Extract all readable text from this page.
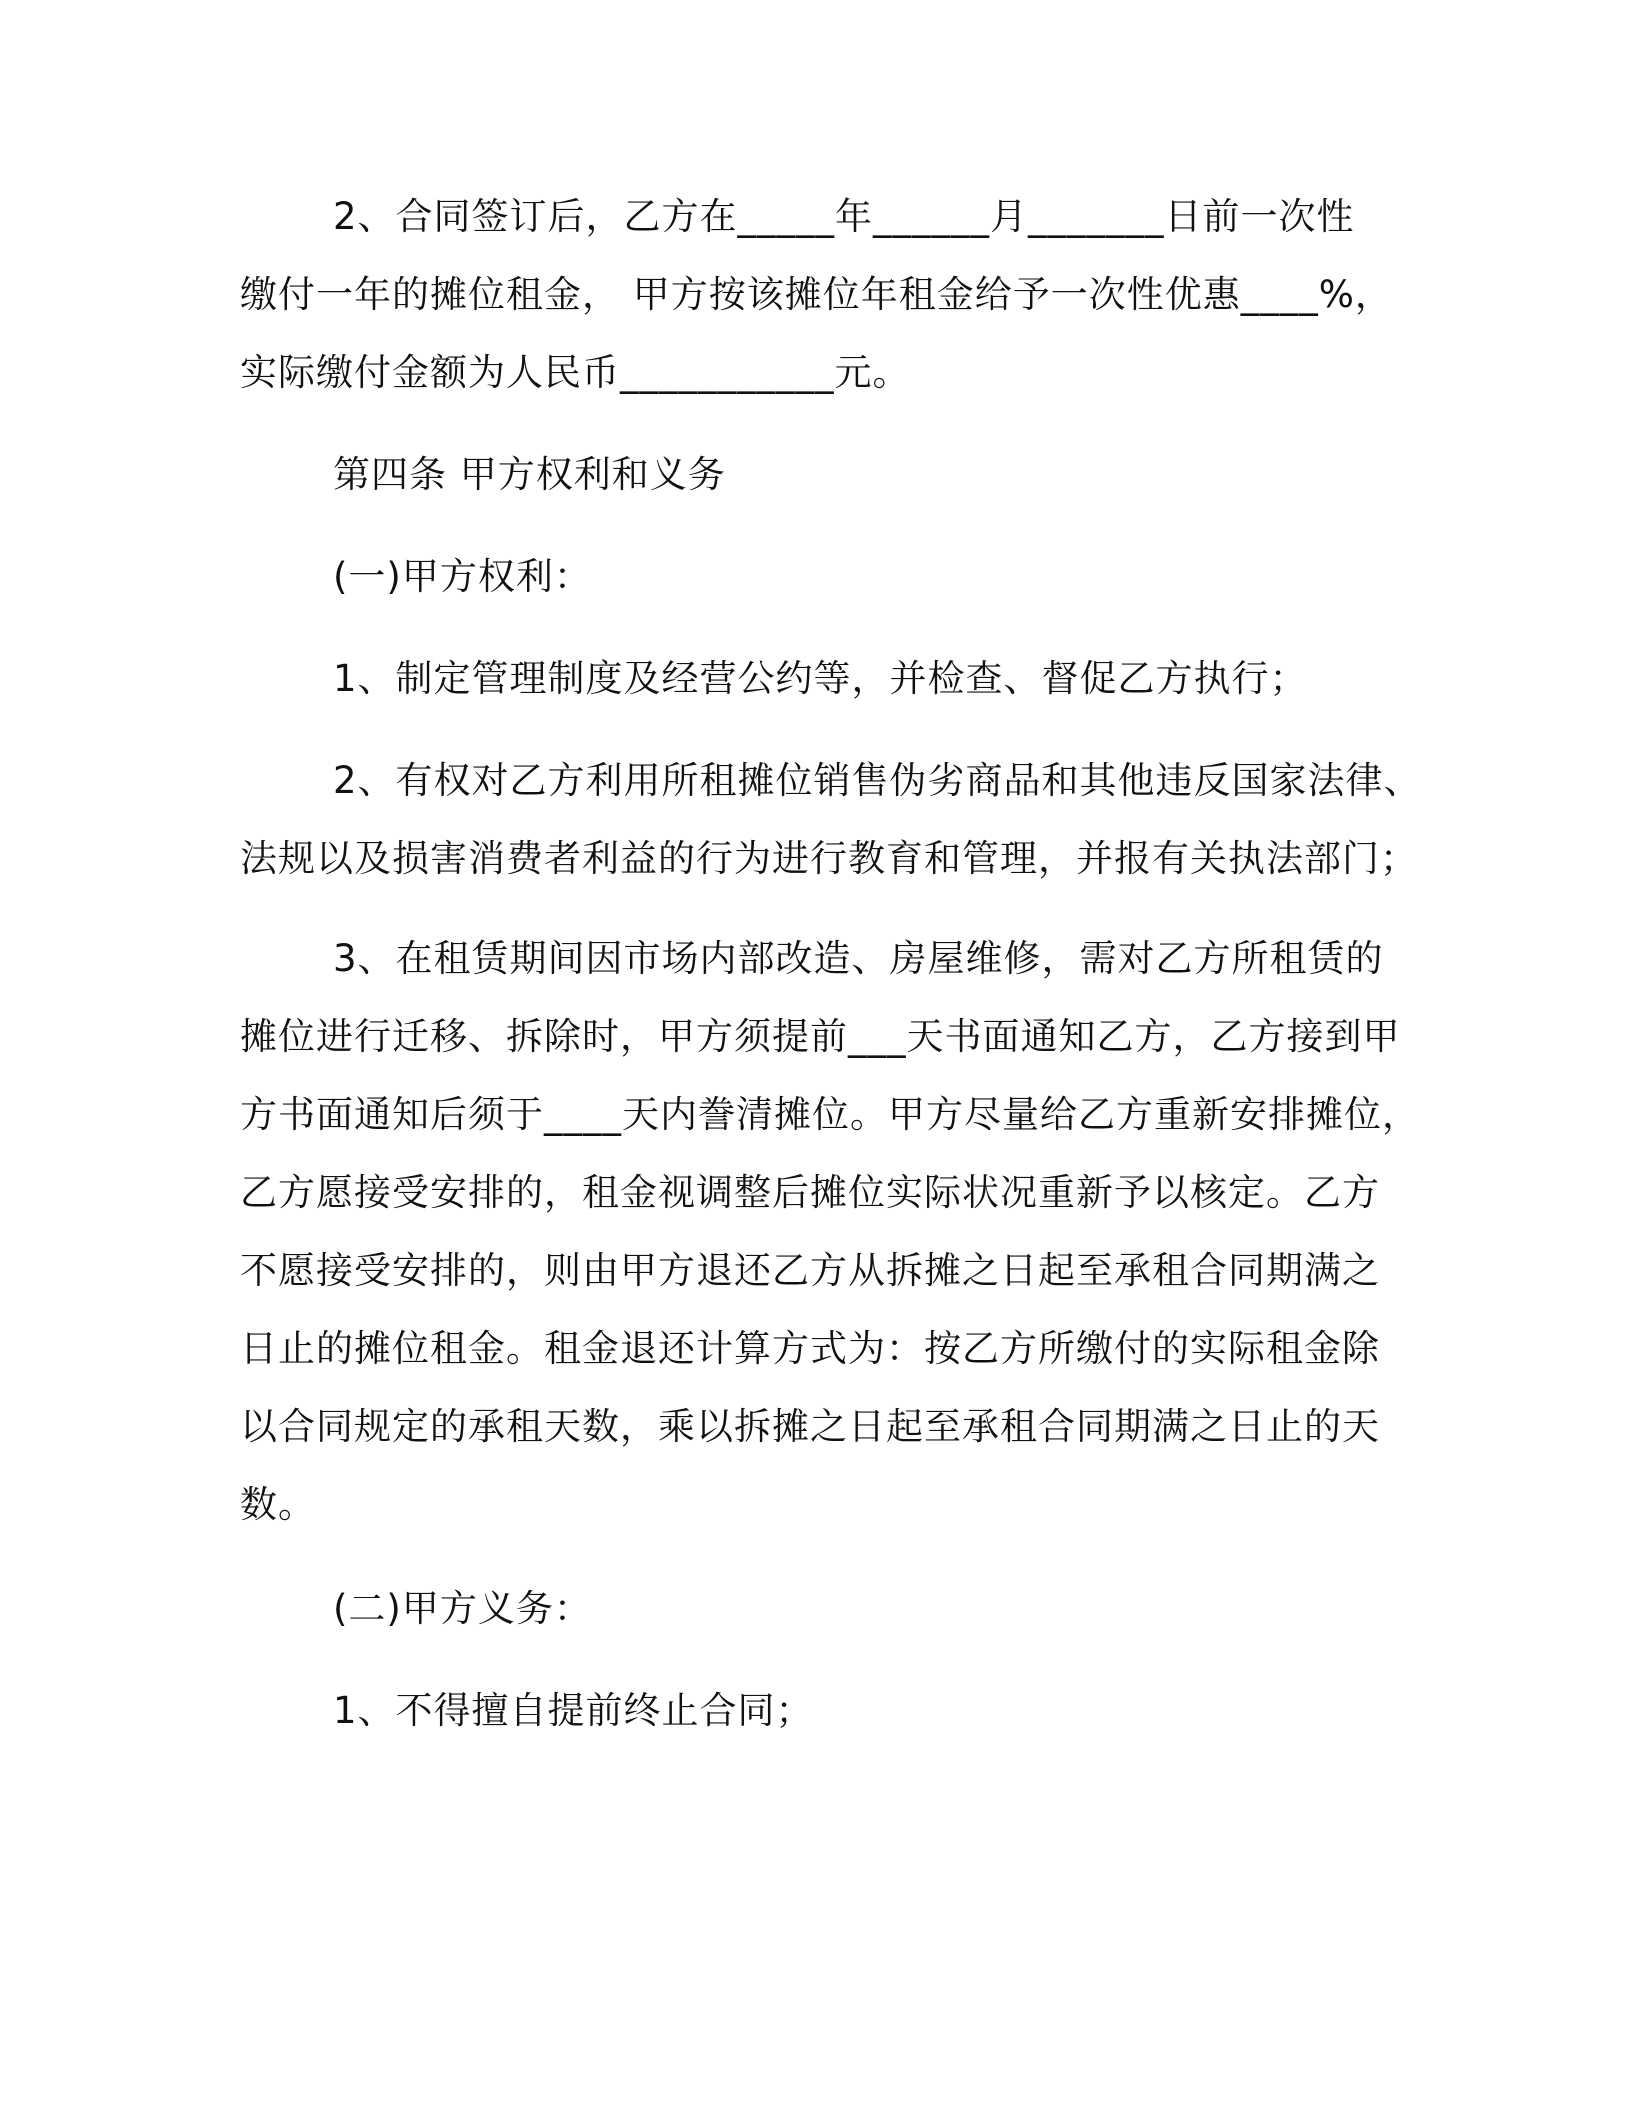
2、合同签订后，乙方在_____年______月_______日前一次性
缴付一年的摊位租金， 甲方按该摊位年租金给予一次性优惠____%，
实际缴付金额为人民币___________元。
第四条 甲方权利和义务
(一)甲方权利：
1、制定管理制度及经营公约等，并检查、督促乙方执行；
2、有权对乙方利用所租摊位销售伪劣商品和其他违反国家法律、
法规以及损害消费者利益的行为进行教育和管理，并报有关执法部门；
3、在租赁期间因市场内部改造、房屋维修，需对乙方所租赁的
摊位进行迁移、拆除时，甲方须提前___天书面通知乙方，乙方接到甲
方书面通知后须于____天内誊清摊位。甲方尽量给乙方重新安排摊位，
乙方愿接受安排的，租金视调整后摊位实际状况重新予以核定。乙方
不愿接受安排的，则由甲方退还乙方从拆摊之日起至承租合同期满之
日止的摊位租金。租金退还计算方式为：按乙方所缴付的实际租金除
以合同规定的承租天数，乘以拆摊之日起至承租合同期满之日止的天
数。
(二)甲方义务：
1、不得擅自提前终止合同；
